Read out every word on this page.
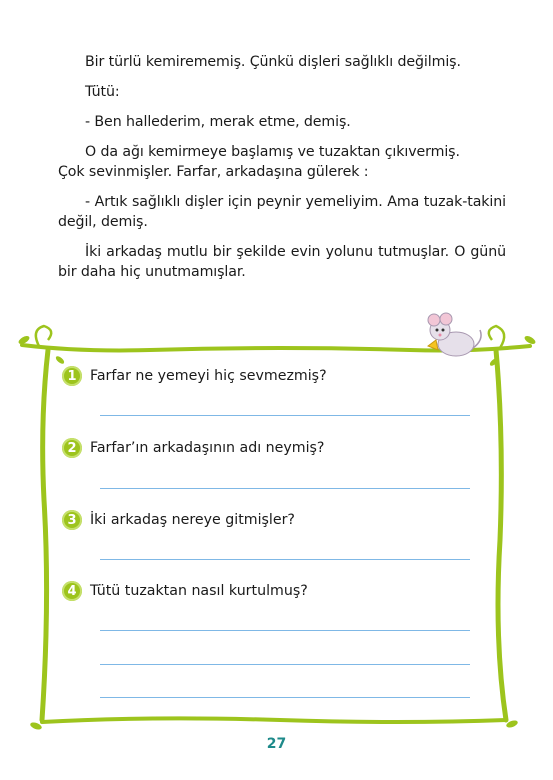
Bir türlü kemirememiş. Çünkü dişleri sağlıklı değilmiş.

Tütü:

- Ben hallederim, merak etme, demiş.

O da ağı kemirmeye başlamış ve tuzaktan çıkıvermiş.

Çok sevinmişler. Farfar, arkadaşına gülerek :

- Artık sağlıklı dişler için peynir yemeliyim. Ama tuzak-takini değil, demiş.

İki arkadaş mutlu bir şekilde evin yolunu tutmuşlar. O günü bir daha hiç unutmamışlar.

1 Farfar ne yemeyi hiç sevmezmiş?
2 Farfar’ın arkadaşının adı neymiş?
3 İki arkadaş nereye gitmişler?
4 Tütü tuzaktan nasıl kurtulmuş?
27
